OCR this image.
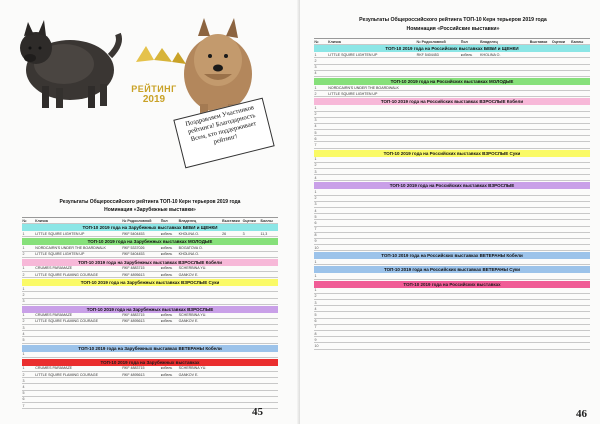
РЕЙТИНГ
2019
Поздравляем Участников рейтинга! Благодарность Всем, кто поддерживает рейтинг!
Результаты Общероссийского рейтинга ТОП-10 Керн терьеров 2019 года
Номинация «Зарубежные выставки»
№	Кличка	№ Родословной	Пол	Владелец	Выставки Оценки	Баллы
ТОП-10 2019 года на Зарубежных выставках БЕБИ и ЩЕНКИ
1	LITTLE SQUIRE LIGHTEN UP	RKF 5404453	кобель	KHOLINA O.	26	3	11,3
ТОП-10 2019 года на Зарубежных выставках МОЛОДЫЕ
1	NORDCAIRN'S UNDER THE BOARDWALK	RKF 5337026	кобель	BOGATOVA O.
2	LITTLE SQUIRE LIGHTEN UP	RKF 5404453	кобель	KHOLINA O.
ТОП-10 2019 года на Зарубежных выставках ВЗРОСЛЫЕ Кобели
1	CRUMB'S PARAMAZE	RKF 4883715	кобель	SCHERBINA YU.
2	LITTLE SQUIRE FLAMING COURAGE	RKF 4895613	кобель	GANKOV E.
ТОП-10 2019 года на Зарубежных выставках ВЗРОСЛЫЕ Суки
1
2
3
ТОП-10 2019 года на Зарубежных выставках ВЗРОСЛЫЕ
1	CRUMB'S PARAMAZE	RKF 4883715	кобель	SCHERBINA YU.
2	LITTLE SQUIRE FLAMING COURAGE	RKF 4895613	кобель	GANKOV E.
3
4
5
ТОП-10 2019 года на Зарубежных выставках ВЕТЕРАНЫ Кобели
1
ТОП-10 2019 года на Зарубежных выставках
1	CRUMB'S PARAMAZE	RKF 4883715	кобель	SCHERBINA YU.
2	LITTLE SQUIRE FLAMING COURAGE	RKF 4895613	кобель	GANKOV E.
3
4
5
6
7
45
Результаты Общероссийского рейтинга ТОП-10 Керн терьеров 2019 года
Номинация «Российские выставки»
№	Кличка	№ Родословной	Пол	Владелец	Выставки	Оценки	Баллы
ТОП-10 2019 года на Российских выставках БЕБИ и ЩЕНКИ
1	LITTLE SQUIRE LIGHTEN UP	RKF 5404453	кобель	KHOLINA O.
2
3
4
ТОП-10 2019 года на Российских выставках МОЛОДЫЕ
1	NORDCAIRN'S UNDER THE BOARDWALK
2	LITTLE SQUIRE LIGHTEN UP
ТОП-10 2019 года на Российских выставках ВЗРОСЛЫЕ Кобели
1
2
3
4
5
6
7
ТОП-10 2019 года на Российских выставках ВЗРОСЛЫЕ Суки
1
2
3
4
ТОП-10 2019 года на Российских выставках ВЗРОСЛЫЕ
1
2
3
4
5
6
7
8
9
10
ТОП-10 2019 года на Российских выставках ВЕТЕРАНЫ Кобели
1
ТОП-10 2019 года на Российских выставках ВЕТЕРАНЫ Суки
1
ТОП-10 2019 года на Российских выставках
1
2
3
4
5
6
7
8
9
10
46
